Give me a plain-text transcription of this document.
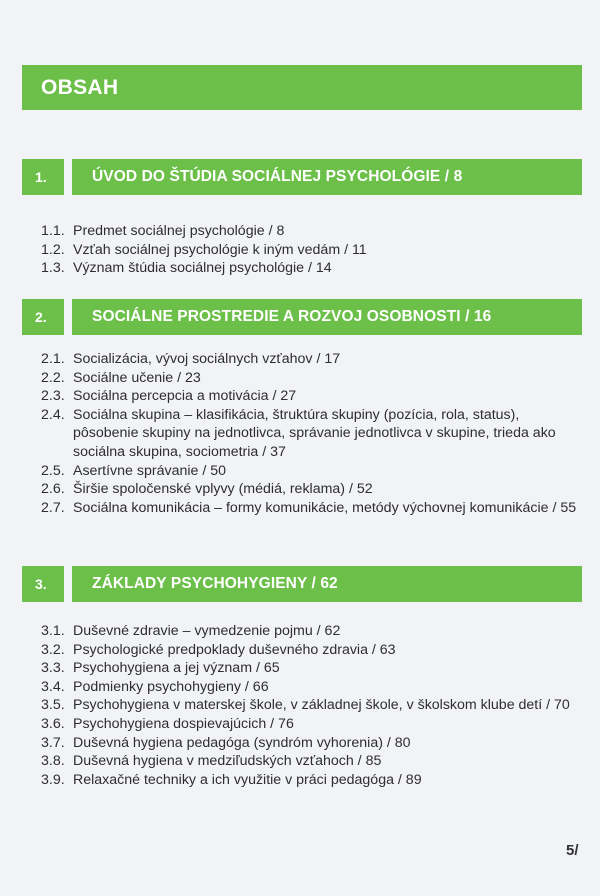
OBSAH
1.	ÚVOD DO ŠTÚDIA SOCIÁLNEJ PSYCHOLÓGIE / 8
1.1. Predmet sociálnej psychológie / 8
1.2. Vzťah sociálnej psychológie k iným vedám / 11
1.3. Význam štúdia sociálnej psychológie / 14
2.	SOCIÁLNE PROSTREDIE A ROZVOJ OSOBNOSTI / 16
2.1. Socializácia, vývoj sociálnych vzťahov / 17
2.2. Sociálne učenie / 23
2.3. Sociálna percepcia a motivácia / 27
2.4. Sociálna skupina – klasifikácia, štruktúra skupiny (pozícia, rola, status), pôsobenie skupiny na jednotlivca, správanie jednotlivca v skupine, trieda ako sociálna skupina, sociometria / 37
2.5. Asertívne správanie / 50
2.6. Širšie spoločenské vplyvy (médiá, reklama) / 52
2.7. Sociálna komunikácia – formy komunikácie, metódy výchovnej komunikácie / 55
3.	ZÁKLADY PSYCHOHYGIENY / 62
3.1. Duševné zdravie – vymedzenie pojmu / 62
3.2. Psychologické predpoklady duševného zdravia / 63
3.3. Psychohygiena a jej význam / 65
3.4. Podmienky psychohygieny / 66
3.5. Psychohygiena v materskej škole, v základnej škole, v školskom klube detí / 70
3.6. Psychohygiena dospievajúcich / 76
3.7. Duševná hygiena pedagóga (syndróm vyhorenia) / 80
3.8. Duševná hygiena v medziľudských vzťahoch / 85
3.9. Relaxačné techniky a ich využitie v práci pedagóga / 89
5/
